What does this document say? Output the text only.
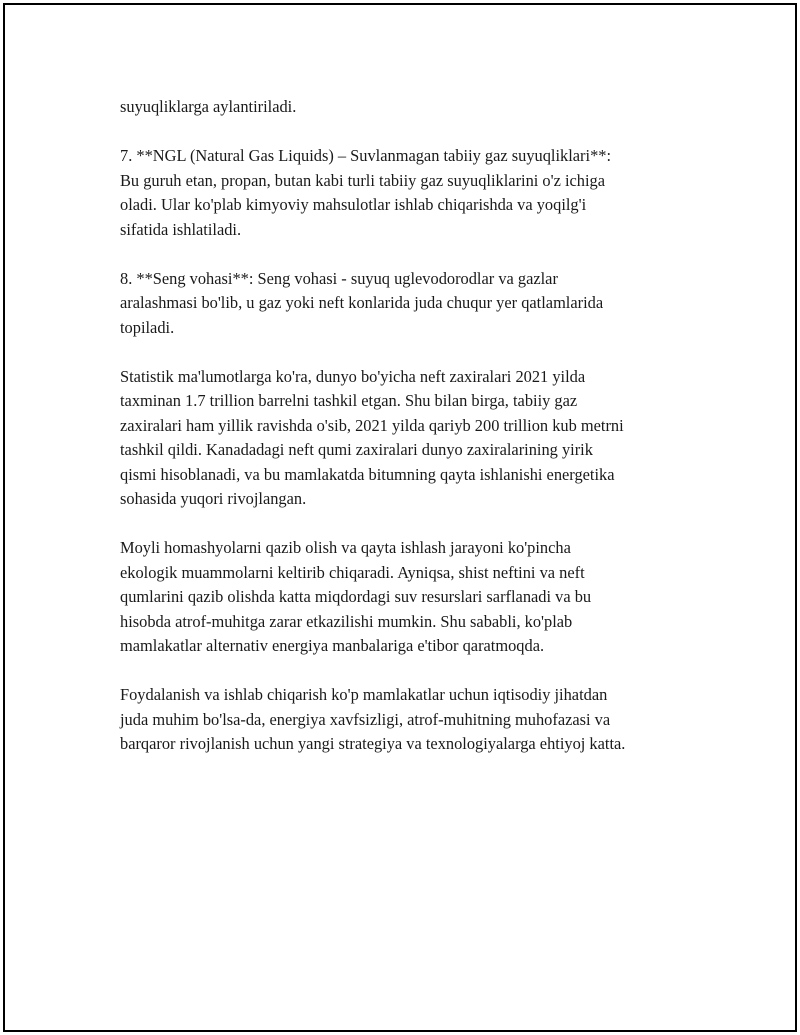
suyuqliklarga aylantiriladi.

7. **NGL (Natural Gas Liquids) – Suvlanmagan tabiiy gaz suyuqliklari**:
Bu guruh etan, propan, butan kabi turli tabiiy gaz suyuqliklarini o'z ichiga
oladi. Ular ko'plab kimyoviy mahsulotlar ishlab chiqarishda va yoqilg'i
sifatida ishlatiladi.

8. **Seng vohasi**: Seng vohasi - suyuq uglevodorodlar va gazlar
aralashmasi bo'lib, u gaz yoki neft konlarida juda chuqur yer qatlamlarida
topiladi.

Statistik ma'lumotlarga ko'ra, dunyo bo'yicha neft zaxiralari 2021 yilda
taxminan 1.7 trillion barrelni tashkil etgan. Shu bilan birga, tabiiy gaz
zaxiralari ham yillik ravishda o'sib, 2021 yilda qariyb 200 trillion kub metrni
tashkil qildi. Kanadadagi neft qumi zaxiralari dunyo zaxiralarining yirik
qismi hisoblanadi, va bu mamlakatda bitumning qayta ishlanishi energetika
sohasida yuqori rivojlangan.

Moyli homashyolarni qazib olish va qayta ishlash jarayoni ko'pincha
ekologik muammolarni keltirib chiqaradi. Ayniqsa, shist neftini va neft
qumlarini qazib olishda katta miqdordagi suv resurslari sarflanadi va bu
hisobda atrof-muhitga zarar etkazilishi mumkin. Shu sababli, ko'plab
mamlakatlar alternativ energiya manbalariga e'tibor qaratmoqda.

Foydalanish va ishlab chiqarish ko'p mamlakatlar uchun iqtisodiy jihatdan
juda muhim bo'lsa-da, energiya xavfsizligi, atrof-muhitning muhofazasi va
barqaror rivojlanish uchun yangi strategiya va texnologiyalarga ehtiyoj katta.
